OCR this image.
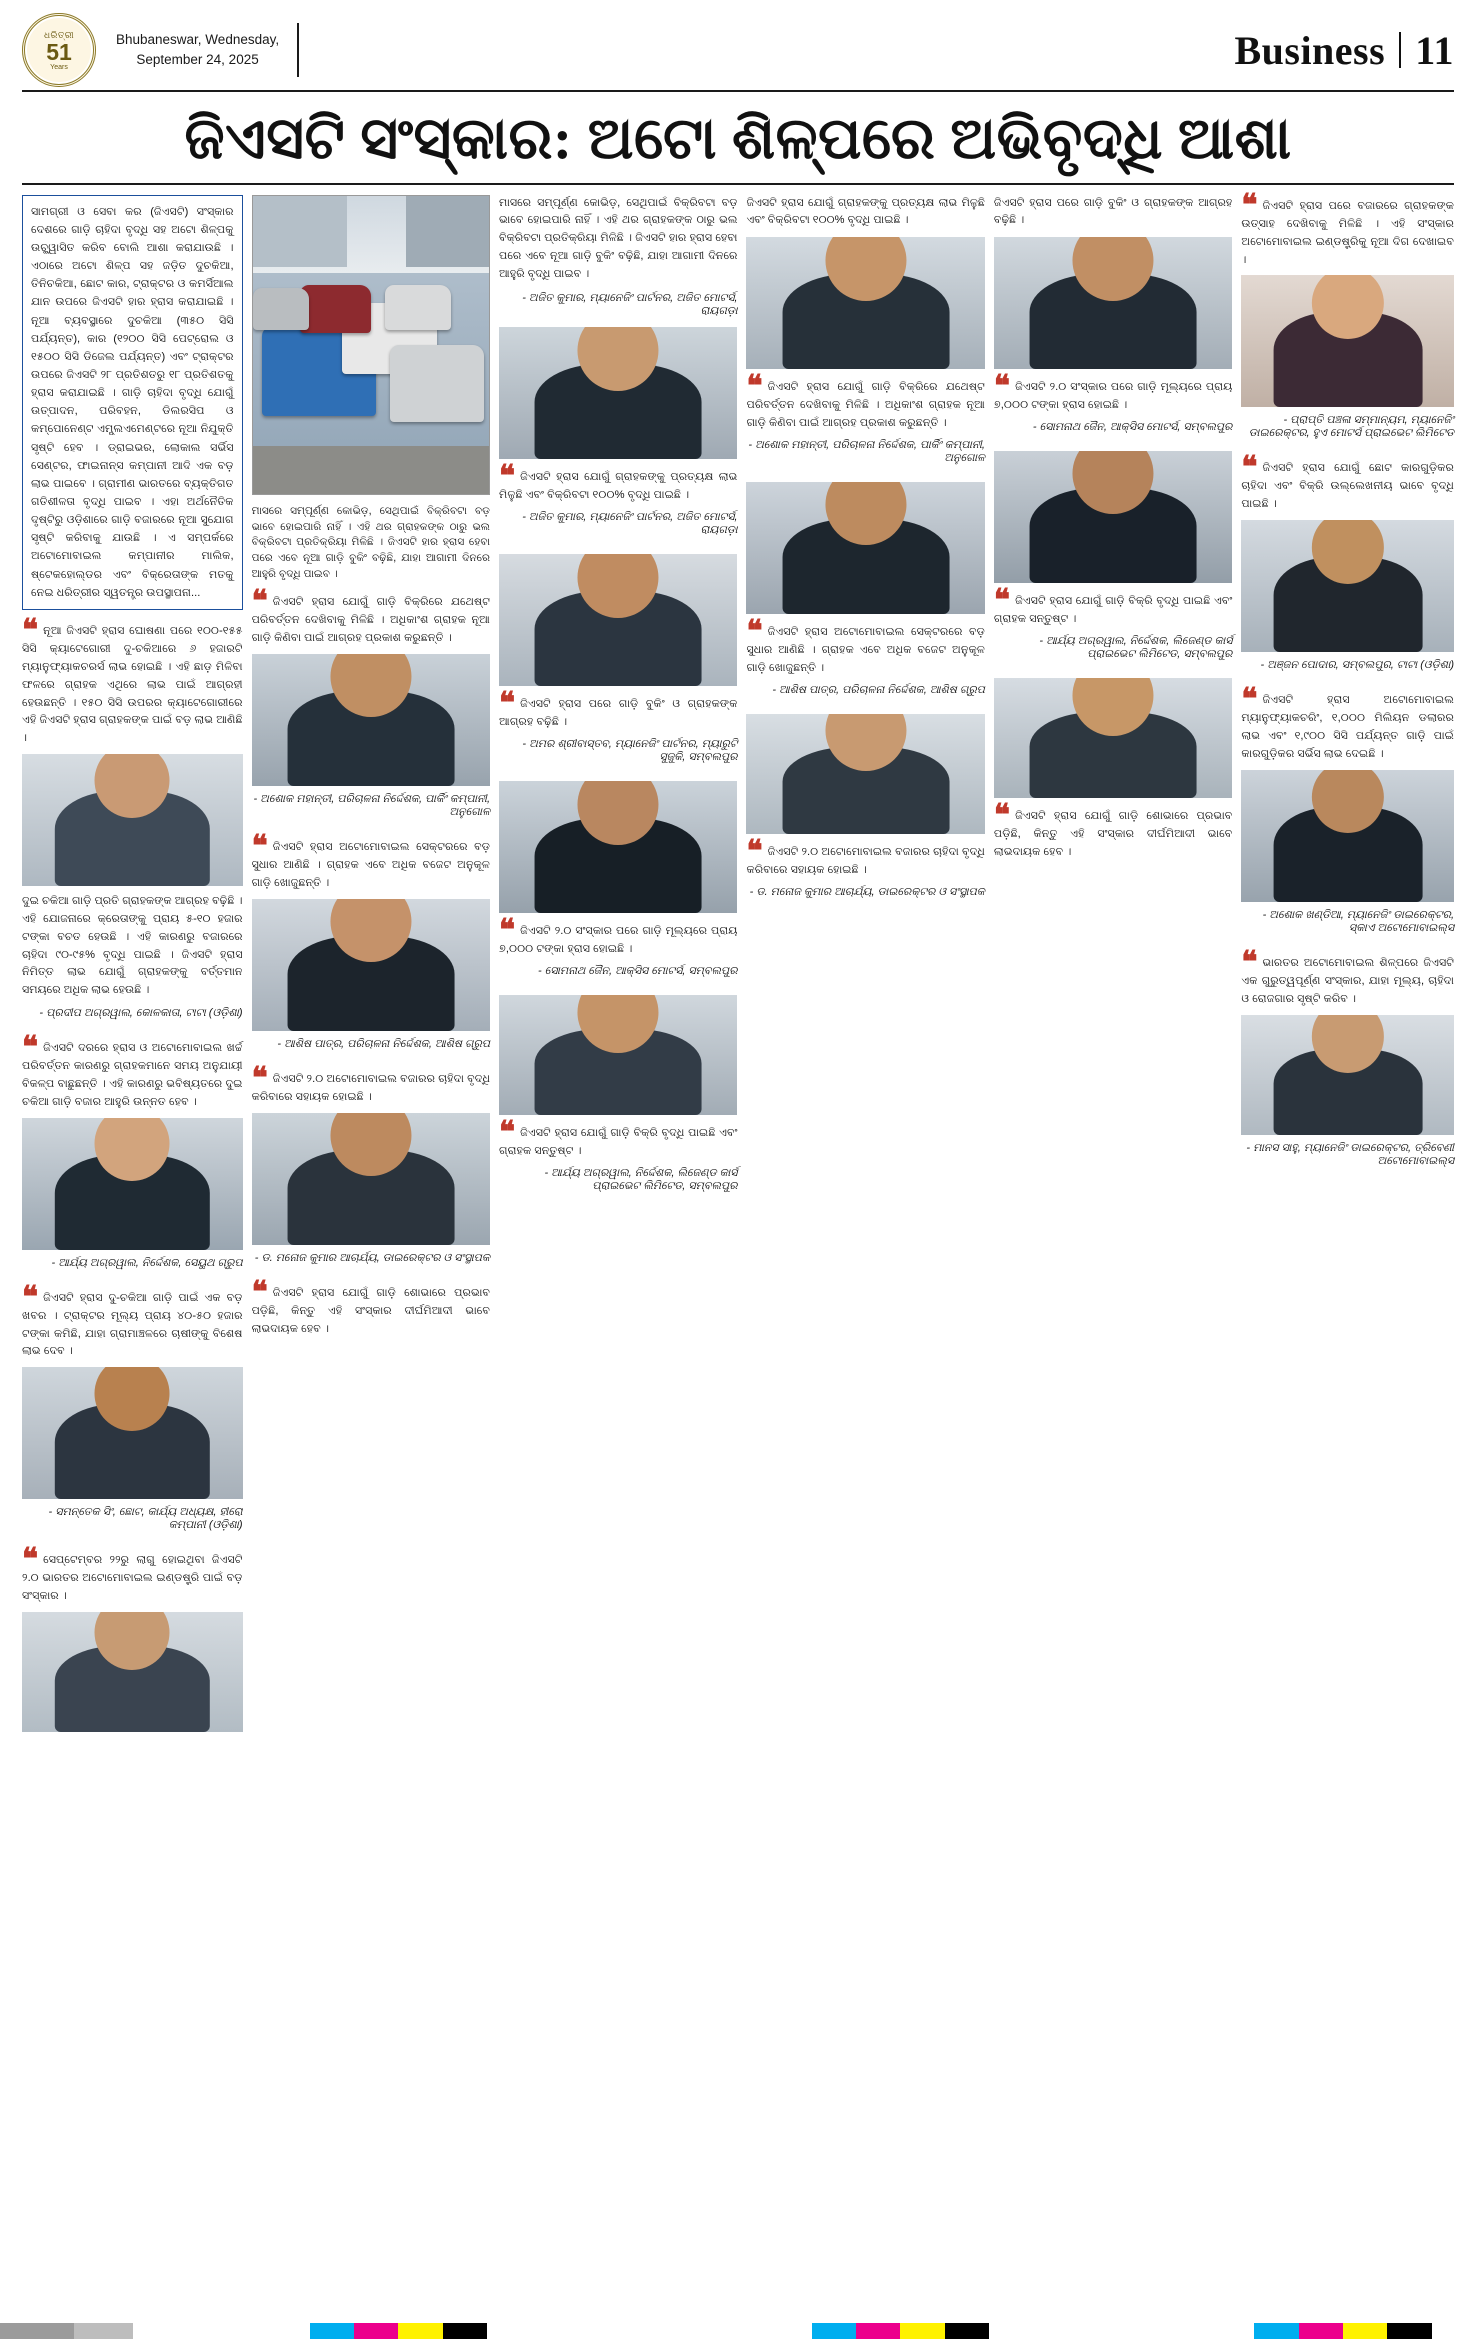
ଧରିତ୍ରୀ
51
Years
Bhubaneswar, Wednesday,
September 24, 2025	Business 11
ଜିଏସଟି ସଂସ୍କାର: ଅଟୋ ଶିଳ୍ପରେ ଅଭିବୃଦ୍ଧି ଆଶା
ସାମଗ୍ରୀ ଓ ସେବା କର (ଜିଏସଟି) ସଂସ୍କାର ଦେଶରେ ଗାଡ଼ି ଚାହିଦା ବୃଦ୍ଧି ସହ ଅଟୋ ଶିଳ୍ପକୁ ଉଚ୍ଛ୍ୱାସିତ କରିବ ବୋଲି ଆଶା କରାଯାଉଛି । ଏଠାରେ ଅଟୋ ଶିଳ୍ପ ସହ ଜଡ଼ିତ ଦୁଚକିଆ, ତିନିଚକିଆ, ଛୋଟ କାର, ଟ୍ରାକ୍ଟର ଓ କମର୍ସିଆଲ ଯାନ ଉପରେ ଜିଏସଟି ହାର ହ୍ରାସ କରାଯାଇଛି । ନୂଆ ବ୍ୟବସ୍ଥାରେ ଦୁଚକିଆ (୩୫୦ ସିସି ପର୍ଯ୍ୟନ୍ତ), କାର (୧୨୦୦ ସିସି ପେଟ୍ରୋଲ ଓ ୧୫୦୦ ସିସି ଡିଜେଲ ପର୍ଯ୍ୟନ୍ତ) ଏବଂ ଟ୍ରାକ୍ଟର ଉପରେ ଜିଏସଟି ୨୮ ପ୍ରତିଶତରୁ ୧୮ ପ୍ରତିଶତକୁ ହ୍ରାସ କରାଯାଇଛି । ଗାଡ଼ି ଚାହିଦା ବୃଦ୍ଧି ଯୋଗୁଁ ଉତ୍ପାଦନ, ପରିବହନ, ଡିଲରସିପ ଓ କମ୍ପୋନେଣ୍ଟ ଏମ୍ପ୍ଲଏମେଣ୍ଟରେ ନୂଆ ନିଯୁକ୍ତି ସୃଷ୍ଟି ହେବ । ଡ୍ରାଇଭର, ଲୋକାଲ ସର୍ଭିସ ସେଣ୍ଟର, ଫାଇନାନ୍ସ କମ୍ପାନୀ ଆଦି ଏକ ବଡ଼ ଲାଭ ପାଇବେ । ଗ୍ରାମୀଣ ଭାରତରେ ବ୍ୟକ୍ତିଗତ ଗତିଶୀଳତା ବୃଦ୍ଧି ପାଇବ । ଏହା ଅର୍ଥନୈତିକ ଦୃଷ୍ଟିରୁ ଓଡ଼ିଶାରେ ଗାଡ଼ି ବଜାରରେ ନୂଆ ସୁଯୋଗ ସୃଷ୍ଟି କରିବାକୁ ଯାଉଛି । ଏ ସମ୍ପର୍କରେ ଅଟୋମୋବାଇଲ କମ୍ପାନୀର ମାଲିକ, ଷ୍ଟେକହୋଲ୍ଡର ଏବଂ ବିକ୍ରେତାଙ୍କ ମତକୁ ନେଇ ଧରିତ୍ରୀର ସ୍ୱତନ୍ତ୍ର ଉପସ୍ଥାପନା...
❝ ନୂଆ ଜିଏସଟି ହ୍ରାସ ଘୋଷଣା ପରେ ୧୦୦-୧୫୫ ସିସି କ୍ୟାଟେଗୋରୀ ଦୁ-ଚକିଆରେ ୬ ହଜାରଟି ମ୍ୟାନୁଫ୍ୟାକଚରର୍ସ ଲାଭ ହୋଇଛି । ଏହି ଛାଡ଼ ମିଳିବା ଫଳରେ ଗ୍ରାହକ ଏଥିରେ ଲାଭ ପାଇଁ ଆଗ୍ରହୀ ହେଉଛନ୍ତି । ୧୫୦ ସିସି ଉପରର କ୍ୟାଟେଗୋରୀରେ ଏହି ଜିଏସଟି ହ୍ରାସ ଗ୍ରାହକଙ୍କ ପାଇଁ ବଡ଼ ଲାଭ ଆଣିଛି ।

ଦୁଇ ଚକିଆ ଗାଡ଼ି ପ୍ରତି ଗ୍ରାହକଙ୍କ ଆଗ୍ରହ ବଢ଼ିଛି । ଏହି ଯୋଜନାରେ କ୍ରେତାଙ୍କୁ ପ୍ରାୟ ୫-୧୦ ହଜାର ଟଙ୍କା ବଚତ ହେଉଛି । ଏହି କାରଣରୁ ବଜାରରେ ଚାହିଦା ୯୦-୯୫% ବୃଦ୍ଧି ପାଇଛି । ଜିଏସଟି ହ୍ରାସ ନିମିତ୍ତ ଲାଭ ଯୋଗୁଁ ଗ୍ରାହକଙ୍କୁ ବର୍ତ୍ତମାନ ସମୟରେ ଅଧିକ ଲାଭ ହେଉଛି ।

- ପ୍ରଦୀପ ଅଗ୍ରୱାଲ, କୋଳକାତା, ଟାଟା (ଓଡ଼ିଶା)
❝ ଜିଏସଟି ଦରରେ ହ୍ରାସ ଓ ଅଟୋମୋବାଇଲ ଖର୍ଚ୍ଚ ପରିବର୍ତ୍ତନ କାରଣରୁ ଗ୍ରାହକମାନେ ସମୟ ଅନୁଯାୟୀ ବିକଳ୍ପ ବାଛୁଛନ୍ତି । ଏହି କାରଣରୁ ଭବିଷ୍ୟତରେ ଦୁଇ ଚକିଆ ଗାଡ଼ି ବଜାର ଆହୁରି ଉନ୍ନତ ହେବ ।
- ଆର୍ଯ୍ୟ ଅଗ୍ରୱାଲ, ନିର୍ଦ୍ଦେଶକ, ସେୟୁଥ ଗ୍ରୁପ
❝ ଜିଏସଟି ହ୍ରାସ ଦୁ-ଚକିଆ ଗାଡ଼ି ପାଇଁ ଏକ ବଡ଼ ଖବର । ଟ୍ରାକ୍ଟର ମୂଲ୍ୟ ପ୍ରାୟ ୪୦-୫୦ ହଜାର ଟଙ୍କା କମିଛି, ଯାହା ଗ୍ରାମାଞ୍ଚଳରେ ଚାଷୀଙ୍କୁ ବିଶେଷ ଲାଭ ଦେବ ।
- ସମନ୍ତେକ ସିଂ, ଛୋଟ, କାର୍ଯ୍ୟ ଅଧ୍ୟକ୍ଷ, ହୀରୋ କମ୍ପାନୀ (ଓଡ଼ିଶା)
❝ ସେପ୍ଟେମ୍ବର ୨୨ରୁ ଲାଗୁ ହୋଇଥିବା ଜିଏସଟି ୨.୦ ଭାରତର ଅଟୋମୋବାଇଲ ଇଣ୍ଡଷ୍ଟ୍ରି ପାଇଁ ବଡ଼ ସଂସ୍କାର ।
ମାସରେ ସମ୍ପୂର୍ଣ୍ଣ କୋଭିଡ଼, ସେଥିପାଇଁ ବିକ୍ରିବଟା ବଡ଼ ଭାବେ ହୋଇପାରି ନାହିଁ । ଏହି ଥର ଗ୍ରାହକଙ୍କ ଠାରୁ ଭଲ ବିକ୍ରିବଟା ପ୍ରତିକ୍ରିୟା ମିଳିଛି । ଜିଏସଟି ହାର ହ୍ରାସ ହେବା ପରେ ଏବେ ନୂଆ ଗାଡ଼ି ବୁକିଂ ବଢ଼ିଛି, ଯାହା ଆଗାମୀ ଦିନରେ ଆହୁରି ବୃଦ୍ଧି ପାଇବ ।
❝ ଜିଏସଟି ହ୍ରାସ ଯୋଗୁଁ ଗାଡ଼ି ବିକ୍ରିରେ ଯଥେଷ୍ଟ ପରିବର୍ତ୍ତନ ଦେଖିବାକୁ ମିଳିଛି । ଅଧିକାଂଶ ଗ୍ରାହକ ନୂଆ ଗାଡ଼ି କିଣିବା ପାଇଁ ଆଗ୍ରହ ପ୍ରକାଶ କରୁଛନ୍ତି ।
- ଅଶୋକ ମହାନ୍ତୀ, ପରିଚାଳନା ନିର୍ଦ୍ଦେଶକ, ପାର୍କିଂ କମ୍ପାନୀ, ଅନୁଗୋଳ
❝ ଜିଏସଟି ହ୍ରାସ ଅଟୋମୋବାଇଲ ସେକ୍ଟରରେ ବଡ଼ ସୁଧାର ଆଣିଛି । ଗ୍ରାହକ ଏବେ ଅଧିକ ବଜେଟ ଅନୁକୂଳ ଗାଡ଼ି ଖୋଜୁଛନ୍ତି ।
- ଆଶିଷ ପାତ୍ର, ପରିଚାଳନା ନିର୍ଦ୍ଦେଶକ, ଆଶିଷ ଗ୍ରୁପ
❝ ଜିଏସଟି ୨.୦ ଅଟୋମୋବାଇଲ ବଜାରର ଚାହିଦା ବୃଦ୍ଧି କରିବାରେ ସହାୟକ ହୋଇଛି ।
- ଡ. ମନୋଜ କୁମାର ଆଚାର୍ଯ୍ୟ, ଡାଇରେକ୍ଟର ଓ ସଂସ୍ଥାପକ
❝ ଜିଏସଟି ହ୍ରାସ ଯୋଗୁଁ ଗାଡ଼ି ଶୋଭାରେ ପ୍ରଭାବ ପଡ଼ିଛି, କିନ୍ତୁ ଏହି ସଂସ୍କାର ଦୀର୍ଘମିଆଦୀ ଭାବେ ଲାଭଦାୟକ ହେବ ।

ମାସରେ ସମ୍ପୂର୍ଣ୍ଣ କୋଭିଡ଼, ସେଥିପାଇଁ ବିକ୍ରିବଟା ବଡ଼ ଭାବେ ହୋଇପାରି ନାହିଁ । ଏହି ଥର ଗ୍ରାହକଙ୍କ ଠାରୁ ଭଲ ବିକ୍ରିବଟା ପ୍ରତିକ୍ରିୟା ମିଳିଛି । ଜିଏସଟି ହାର ହ୍ରାସ ହେବା ପରେ ଏବେ ନୂଆ ଗାଡ଼ି ବୁକିଂ ବଢ଼ିଛି, ଯାହା ଆଗାମୀ ଦିନରେ ଆହୁରି ବୃଦ୍ଧି ପାଇବ ।

- ଅଜିତ କୁମାର, ମ୍ୟାନେଜିଂ ପାର୍ଟନର, ଅଜିତ ମୋଟର୍ସ, ରାୟଗଡ଼ା
❝ ଜିଏସଟି ହ୍ରାସ ଯୋଗୁଁ ଗ୍ରାହକଙ୍କୁ ପ୍ରତ୍ୟକ୍ଷ ଲାଭ ମିଳୁଛି ଏବଂ ବିକ୍ରିବଟା ୧୦୦% ବୃଦ୍ଧି ପାଇଛି ।
- ଅଜିତ କୁମାର, ମ୍ୟାନେଜିଂ ପାର୍ଟନର, ଅଜିତ ମୋଟର୍ସ, ରାୟଗଡ଼ା
❝ ଜିଏସଟି ହ୍ରାସ ପରେ ଗାଡ଼ି ବୁକିଂ ଓ ଗ୍ରାହକଙ୍କ ଆଗ୍ରହ ବଢ଼ିଛି ।
- ଅମର ଶ୍ରୀବାସ୍ତବ, ମ୍ୟାନେଜିଂ ପାର୍ଟନର, ମ୍ୟାରୁଟି ସୁଜୁକି, ସମ୍ବଲପୁର
❝ ଜିଏସଟି ୨.୦ ସଂସ୍କାର ପରେ ଗାଡ଼ି ମୂଲ୍ୟରେ ପ୍ରାୟ ୭,୦୦୦ ଟଙ୍କା ହ୍ରାସ ହୋଇଛି ।
- ସୋମନାଥ ଜୈନ, ଆକ୍ସିସ ମୋଟର୍ସ, ସମ୍ବଲପୁର
❝ ଜିଏସଟି ହ୍ରାସ ଯୋଗୁଁ ଗାଡ଼ି ବିକ୍ରି ବୃଦ୍ଧି ପାଇଛି ଏବଂ ଗ୍ରାହକ ସନ୍ତୁଷ୍ଟ ।
- ଆର୍ଯ୍ୟ ଅଗ୍ରୱାଲ, ନିର୍ଦ୍ଦେଶକ, ଲିଜେଣ୍ଡ କାର୍ସ ପ୍ରାଇଭେଟ ଲିମିଟେଡ, ସମ୍ବଲପୁର

ଜିଏସଟି ହ୍ରାସ ଯୋଗୁଁ ଗ୍ରାହକଙ୍କୁ ପ୍ରତ୍ୟକ୍ଷ ଲାଭ ମିଳୁଛି ଏବଂ ବିକ୍ରିବଟା ୧୦୦% ବୃଦ୍ଧି ପାଇଛି ।

❝ ଜିଏସଟି ହ୍ରାସ ଯୋଗୁଁ ଗାଡ଼ି ବିକ୍ରିରେ ଯଥେଷ୍ଟ ପରିବର୍ତ୍ତନ ଦେଖିବାକୁ ମିଳିଛି । ଅଧିକାଂଶ ଗ୍ରାହକ ନୂଆ ଗାଡ଼ି କିଣିବା ପାଇଁ ଆଗ୍ରହ ପ୍ରକାଶ କରୁଛନ୍ତି ।
- ଅଶୋକ ମହାନ୍ତୀ, ପରିଚାଳନା ନିର୍ଦ୍ଦେଶକ, ପାର୍କିଂ କମ୍ପାନୀ, ଅନୁଗୋଳ
❝ ଜିଏସଟି ହ୍ରାସ ଅଟୋମୋବାଇଲ ସେକ୍ଟରରେ ବଡ଼ ସୁଧାର ଆଣିଛି । ଗ୍ରାହକ ଏବେ ଅଧିକ ବଜେଟ ଅନୁକୂଳ ଗାଡ଼ି ଖୋଜୁଛନ୍ତି ।
- ଆଶିଷ ପାତ୍ର, ପରିଚାଳନା ନିର୍ଦ୍ଦେଶକ, ଆଶିଷ ଗ୍ରୁପ
❝ ଜିଏସଟି ୨.୦ ଅଟୋମୋବାଇଲ ବଜାରର ଚାହିଦା ବୃଦ୍ଧି କରିବାରେ ସହାୟକ ହୋଇଛି ।
- ଡ. ମନୋଜ କୁମାର ଆଚାର୍ଯ୍ୟ, ଡାଇରେକ୍ଟର ଓ ସଂସ୍ଥାପକ

ଜିଏସଟି ହ୍ରାସ ପରେ ଗାଡ଼ି ବୁକିଂ ଓ ଗ୍ରାହକଙ୍କ ଆଗ୍ରହ ବଢ଼ିଛି ।

❝ ଜିଏସଟି ୨.୦ ସଂସ୍କାର ପରେ ଗାଡ଼ି ମୂଲ୍ୟରେ ପ୍ରାୟ ୭,୦୦୦ ଟଙ୍କା ହ୍ରାସ ହୋଇଛି ।
- ସୋମନାଥ ଜୈନ, ଆକ୍ସିସ ମୋଟର୍ସ, ସମ୍ବଲପୁର
❝ ଜିଏସଟି ହ୍ରାସ ଯୋଗୁଁ ଗାଡ଼ି ବିକ୍ରି ବୃଦ୍ଧି ପାଇଛି ଏବଂ ଗ୍ରାହକ ସନ୍ତୁଷ୍ଟ ।
- ଆର୍ଯ୍ୟ ଅଗ୍ରୱାଲ, ନିର୍ଦ୍ଦେଶକ, ଲିଜେଣ୍ଡ କାର୍ସ ପ୍ରାଇଭେଟ ଲିମିଟେଡ, ସମ୍ବଲପୁର
❝ ଜିଏସଟି ହ୍ରାସ ଯୋଗୁଁ ଗାଡ଼ି ଶୋଭାରେ ପ୍ରଭାବ ପଡ଼ିଛି, କିନ୍ତୁ ଏହି ସଂସ୍କାର ଦୀର୍ଘମିଆଦୀ ଭାବେ ଲାଭଦାୟକ ହେବ ।
❝ ଜିଏସଟି ହ୍ରାସ ପରେ ବଜାରରେ ଗ୍ରାହକଙ୍କ ଉତ୍ସାହ ଦେଖିବାକୁ ମିଳିଛି । ଏହି ସଂସ୍କାର ଅଟୋମୋବାଇଲ ଇଣ୍ଡଷ୍ଟ୍ରିକୁ ନୂଆ ଦିଗ ଦେଖାଇବ ।
- ପ୍ରାପ୍ତି ପଞ୍ଚଳା ସମ୍ମାନ୍ୟମ, ମ୍ୟାନେଜିଂ ଡାଇରେକ୍ଟର, ହୁଏ ମୋଟର୍ସ ପ୍ରାଇଭେଟ ଲିମିଟେଡ
❝ ଜିଏସଟି ହ୍ରାସ ଯୋଗୁଁ ଛୋଟ କାରଗୁଡ଼ିକର ଚାହିଦା ଏବଂ ବିକ୍ରି ଉଲ୍ଲେଖନୀୟ ଭାବେ ବୃଦ୍ଧି ପାଇଛି ।
- ଅଞ୍ଜନ ପୋଦାର, ସମ୍ବଲପୁର, ଟାଟା (ଓଡ଼ିଶା)
❝ ଜିଏସଟି ହ୍ରାସ ଅଟୋମୋବାଇଲ ମ୍ୟାନୁଫ୍ୟାକଚରିଂ, ୧,୦୦୦ ମିଲିୟନ ଡଲାରର ଲାଭ ଏବଂ ୧,୯୦୦ ସିସି ପର୍ଯ୍ୟନ୍ତ ଗାଡ଼ି ପାଇଁ କାରଗୁଡ଼ିକର ସର୍ଭିସ ଲାଭ ଦେଇଛି ।
- ଅଶୋକ ଖଣ୍ଡିଆ, ମ୍ୟାନେଜିଂ ଡାଇରେକ୍ଟର, ସ୍କାଏ ଅଟୋମୋବାଇଲ୍ସ
❝ ଭାରତର ଅଟୋମୋବାଇଲ ଶିଳ୍ପରେ ଜିଏସଟି ଏକ ଗୁରୁତ୍ୱପୂର୍ଣ୍ଣ ସଂସ୍କାର, ଯାହା ମୂଲ୍ୟ, ଚାହିଦା ଓ ରୋଜଗାର ସୃଷ୍ଟି କରିବ ।
- ମାନସ ସାହୁ, ମ୍ୟାନେଜିଂ ଡାଇରେକ୍ଟର, ତ୍ରିବେଣୀ ଅଟୋମୋବାଇଲ୍ସ
